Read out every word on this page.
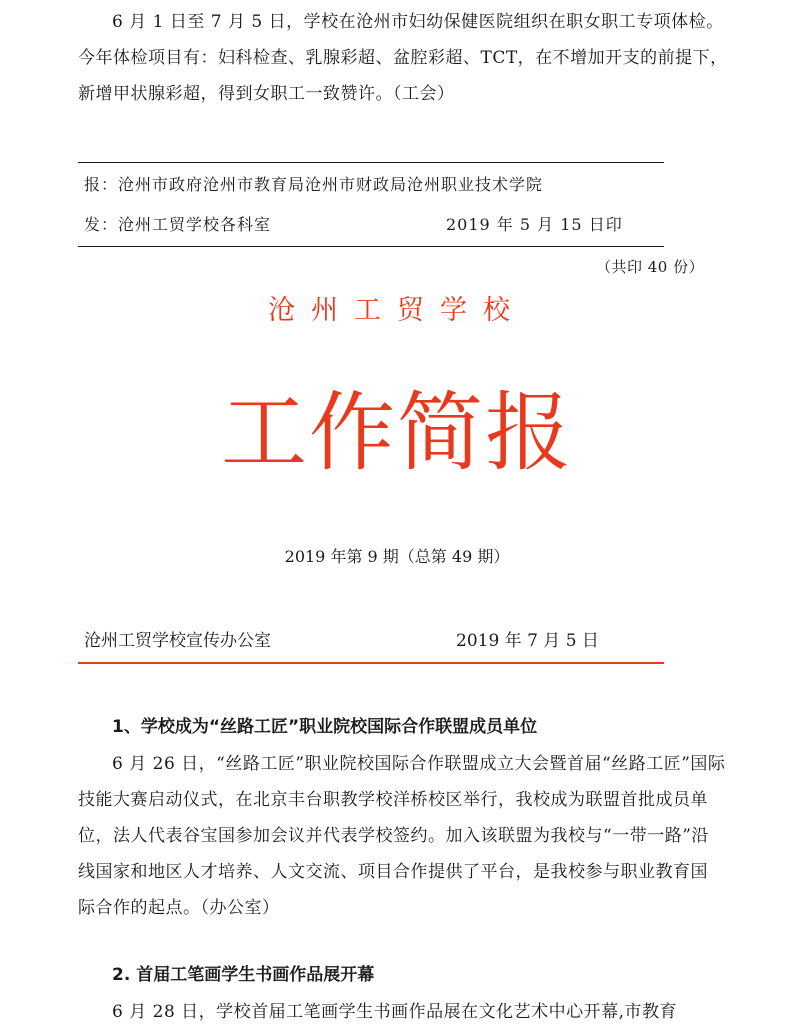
6 月 1 日至 7 月 5 日，学校在沧州市妇幼保健医院组织在职女职工专项体检。
今年体检项目有：妇科检查、乳腺彩超、盆腔彩超、TCT，在不增加开支的前提下，
新增甲状腺彩超，得到女职工一致赞许。（工会）

报：沧州市政府沧州市教育局沧州市财政局沧州职业技术学院

发：沧州工贸学校各科室	2019 年 5 月 15 日印

（共印 40 份）

沧州工贸学校

工作简报

2019 年第 9 期（总第 49 期）

沧州工贸学校宣传办公室	2019 年 7 月 5 日

1、学校成为“丝路工匠”职业院校国际合作联盟成员单位

6 月 26 日，“丝路工匠”职业院校国际合作联盟成立大会暨首届“丝路工匠”国际
技能大赛启动仪式，在北京丰台职教学校洋桥校区举行，我校成为联盟首批成员单
位，法人代表谷宝国参加会议并代表学校签约。加入该联盟为我校与“一带一路”沿
线国家和地区人才培养、人文交流、项目合作提供了平台，是我校参与职业教育国
际合作的起点。（办公室）

2. 首届工笔画学生书画作品展开幕

6 月 28 日，学校首届工笔画学生书画作品展在文化艺术中心开幕,市教育
